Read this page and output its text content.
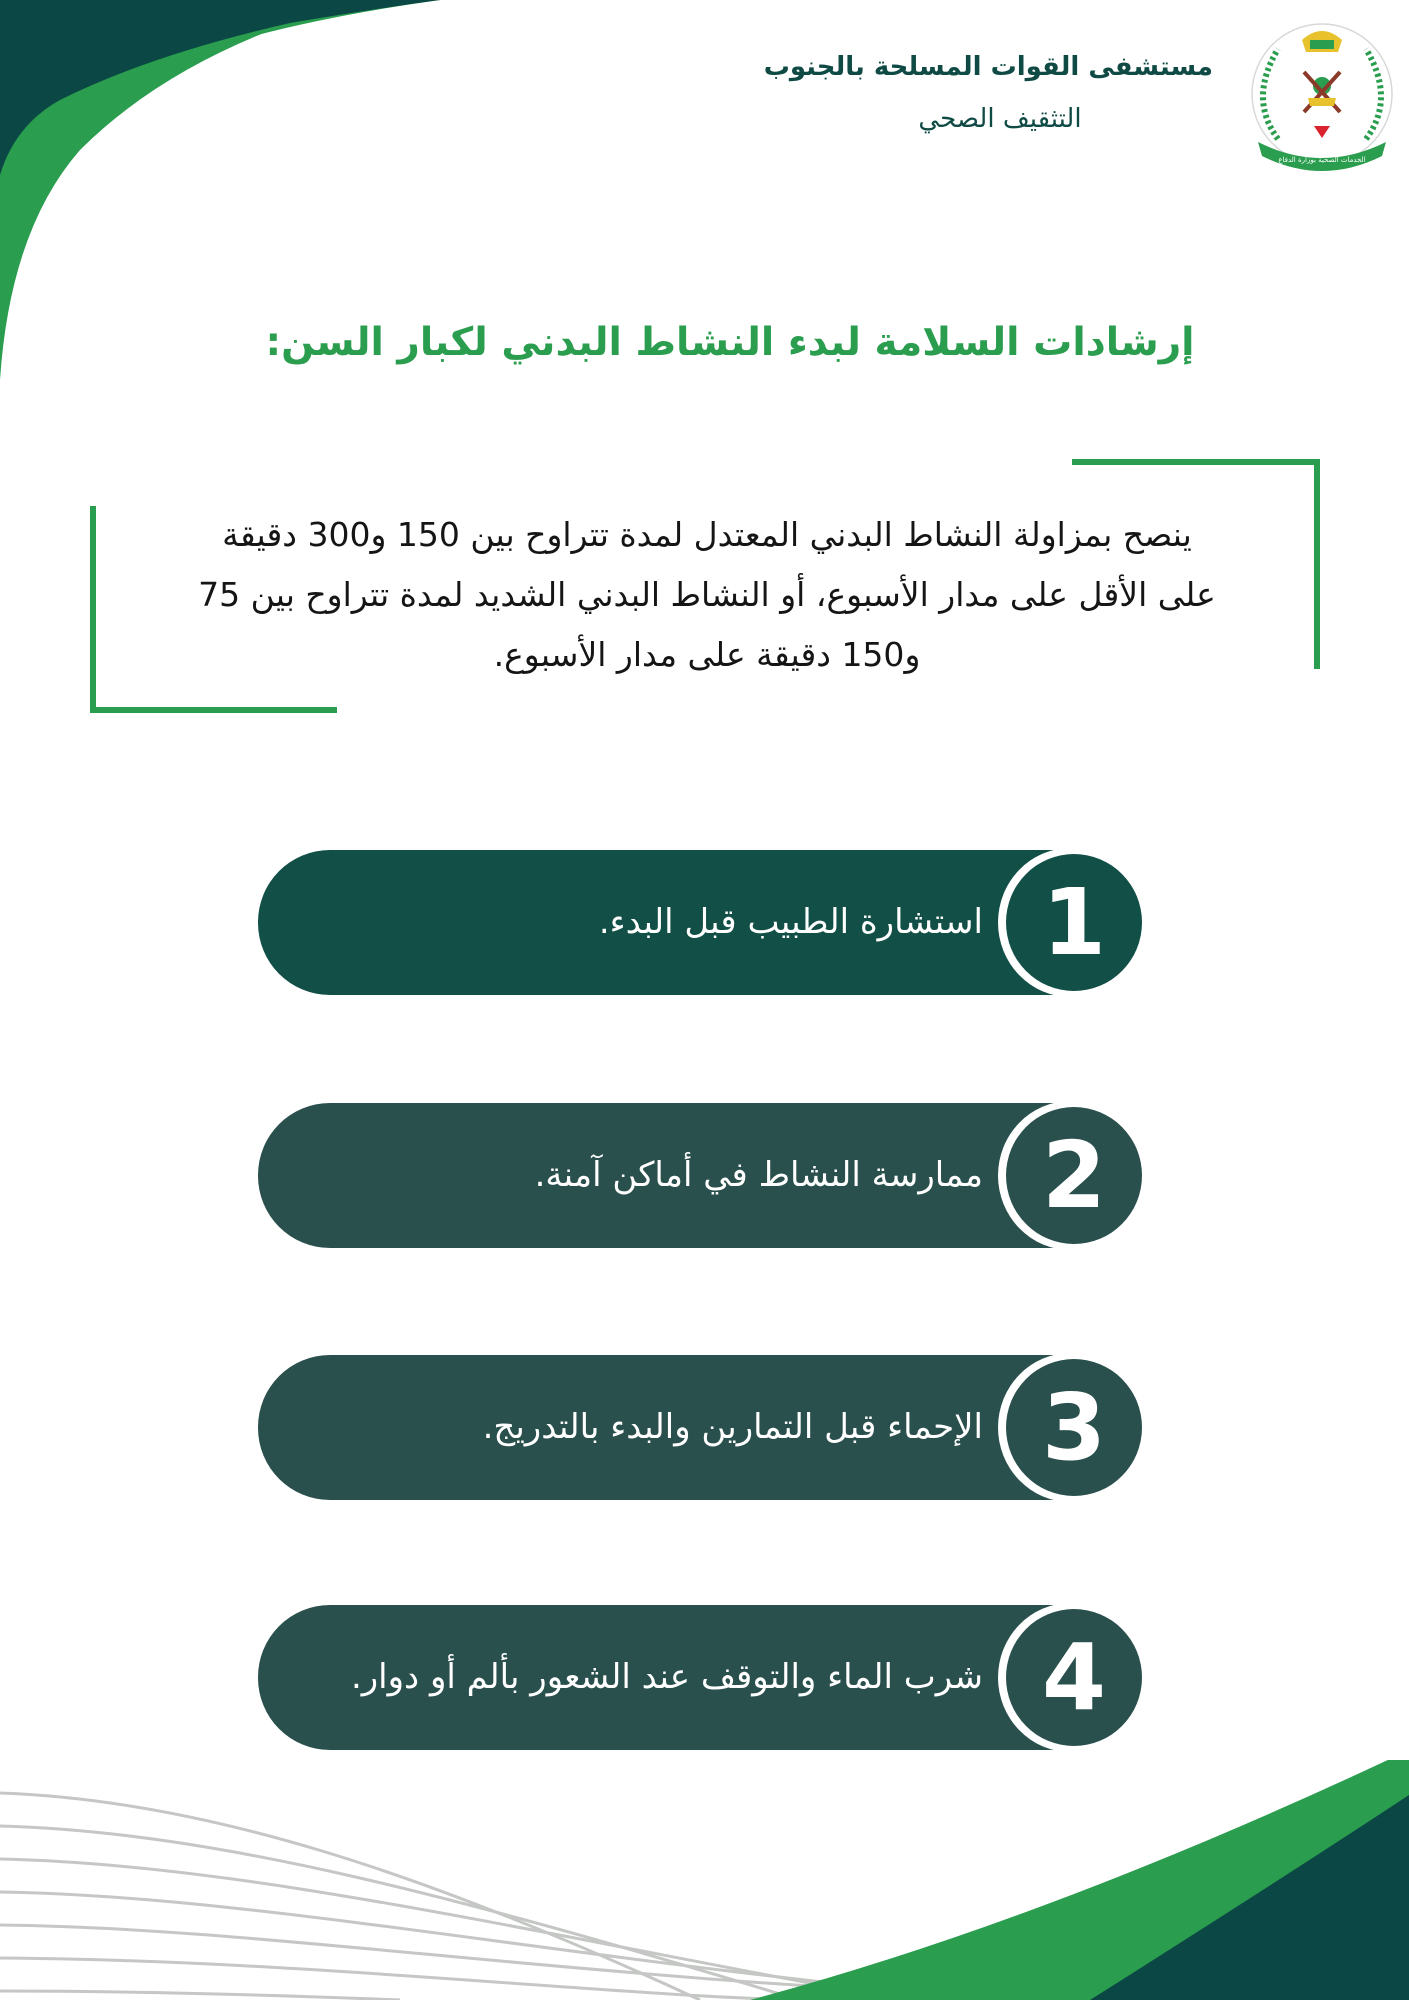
الخدمات الصحية بوزارة الدفاع
مستشفى القوات المسلحة بالجنوب
التثقيف الصحي
إرشادات السلامة لبدء النشاط البدني لكبار السن:
ينصح بمزاولة النشاط البدني المعتدل لمدة تتراوح بين 150 و300 دقيقة
على الأقل على مدار الأسبوع، أو النشاط البدني الشديد لمدة تتراوح بين 75
و150 دقيقة على مدار الأسبوع.
استشارة الطبيب قبل البدء. 1
ممارسة النشاط في أماكن آمنة. 2
الإحماء قبل التمارين والبدء بالتدريج. 3
شرب الماء والتوقف عند الشعور بألم أو دوار. 4
